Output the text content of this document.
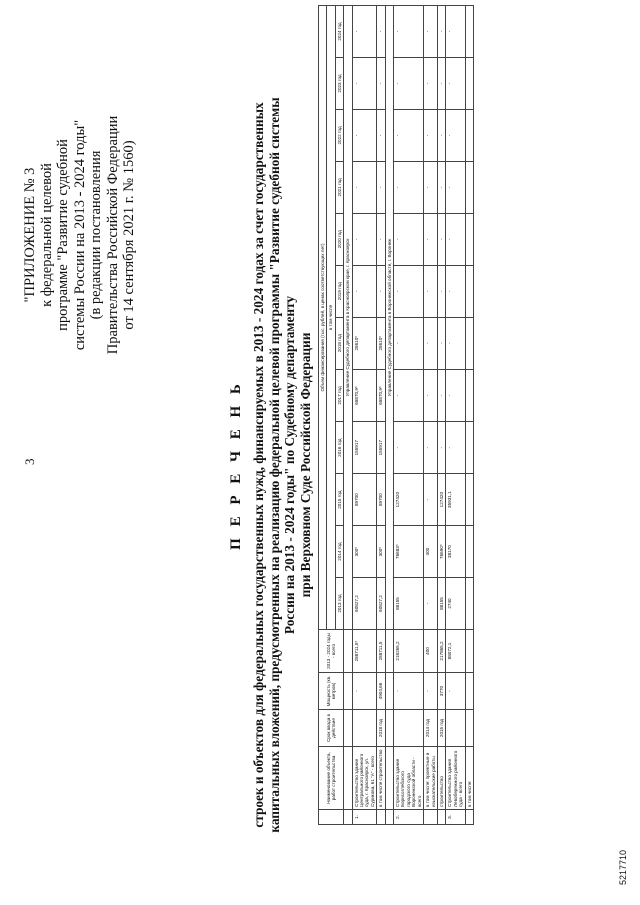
3
"ПРИЛОЖЕНИЕ № 3 к федеральной целевой программе "Развитие судебной системы России на 2013 - 2024 годы" (в редакции постановления Правительства Российской Федерации от 14 сентября 2021 г. № 1560)
П Е Р Е Ч Е Н Ь строек и объектов для федеральных государственных нужд, финансируемых в 2013 - 2024 годах за счет государственных капитальных вложений, предусмотренных на реализацию федеральной целевой программы "Развитие судебной системы России на 2013 - 2024 годы" по Судебному департаменту при Верховном Суде Российской Федерации
	Наименование объекта, работ строительства	Срок ввода в действие	Мощность (кв. метров)	2013 - 2024 годы - всего	Объем финансирования (тыс. рублей, в ценах соответствующих лет)											
					в том числе											
					2013 год	2014 год	2015 год	2016 год	2017 год	2018 год	2019 год	2020 год	2021 год	2022 год	2023 год	2024 год
					Управление Судебного департамента в Красноярском крае, г. Красноярск											
1.	Строительство здания Центрального районного суда, г. Красноярск, ул. Сурикова, 61 "А" - всего		-	288711,5⁵	60827,2	300⁵	89700	155917	68870,9⁵	28610⁵	-	-	-	-	-	-
	в том числе строительство	2018 год	4904,66	288711,5	60827,2	300⁵	89700	155917	68870,9⁵	28610⁵	-	-	-	-	-	-
					Управление Судебного департамента в Воронежской области, г. Воронеж											
2.	Строительство здания Борисоглебского городского суда Воронежской области - всего		-	218265,2	88155	76683⁵	127420	-	-	-	-	-	-	-	-	-
	в том числе: проектные и изыскательские работы	2014 год	-	400	-	400	-	-	-	-	-	-	-	-	-	-
	строительство	2015 год	3770	217865,2	88155	76690⁵	127420	-	-	-	-	-	-	-	-	-
3.	Строительство здания Левобережного районного суда - всего		-	88072,1	2740	38170	35931,1	-	-	-	-	-	-	-	-	-
	в том числе:															
5217710
